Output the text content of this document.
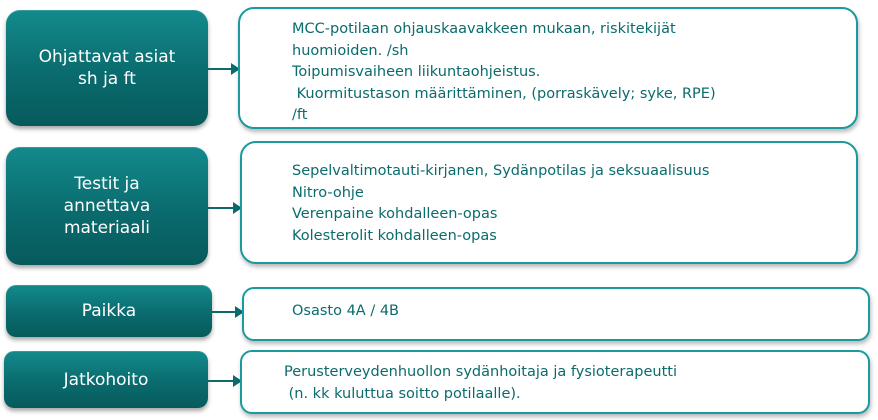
Ohjattavat asiat
sh ja ft
MCC-potilaan ohjauskaavakkeen mukaan, riskitekijät
huomioiden. /sh
Toipumisvaiheen liikuntaohjeistus.
Kuormitustason määrittäminen, (porraskävely; syke, RPE)
/ft
Testit ja
annettava
materiaali
Sepelvaltimotauti-kirjanen, Sydänpotilas ja seksuaalisuus
Nitro-ohje
Verenpaine kohdalleen-opas
Kolesterolit kohdalleen-opas
Paikka	Osasto 4A / 4B
Jatkohoito	Perusterveydenhuollon sydänhoitaja ja fysioterapeutti
(n. kk kuluttua soitto potilaalle).
